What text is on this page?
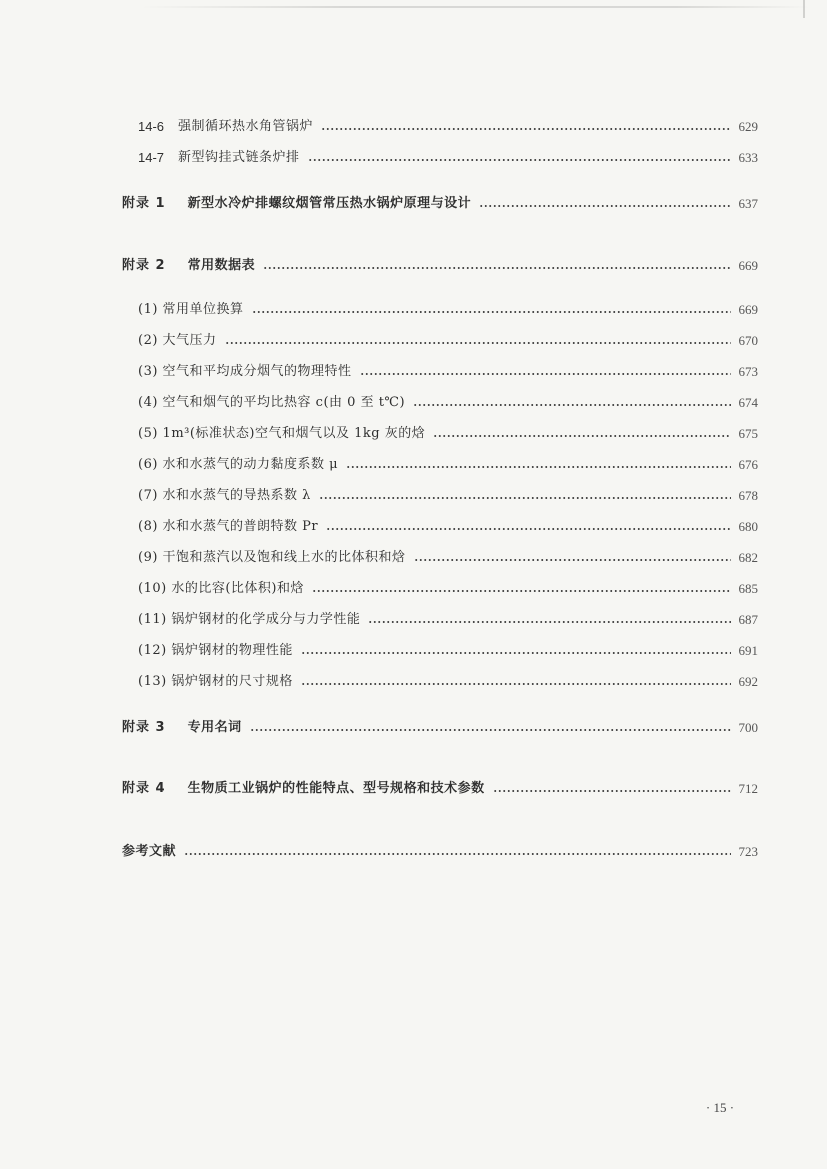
14-6 强制循环热水角管锅炉	629
14-7 新型钩挂式链条炉排	633
附录 1 新型水冷炉排螺纹烟管常压热水锅炉原理与设计	637
附录 2 常用数据表	669
(1) 常用单位换算	669
(2) 大气压力	670
(3) 空气和平均成分烟气的物理特性	673
(4) 空气和烟气的平均比热容 c(由 0 至 t℃)	674
(5) 1m³(标准状态)空气和烟气以及 1kg 灰的焓	675
(6) 水和水蒸气的动力黏度系数 μ	676
(7) 水和水蒸气的导热系数 λ	678
(8) 水和水蒸气的普朗特数 Pr	680
(9) 干饱和蒸汽以及饱和线上水的比体积和焓	682
(10) 水的比容(比体积)和焓	685
(11) 锅炉钢材的化学成分与力学性能	687
(12) 锅炉钢材的物理性能	691
(13) 锅炉钢材的尺寸规格	692
附录 3 专用名词	700
附录 4 生物质工业锅炉的性能特点、型号规格和技术参数	712
参考文献	723
· 15 ·
